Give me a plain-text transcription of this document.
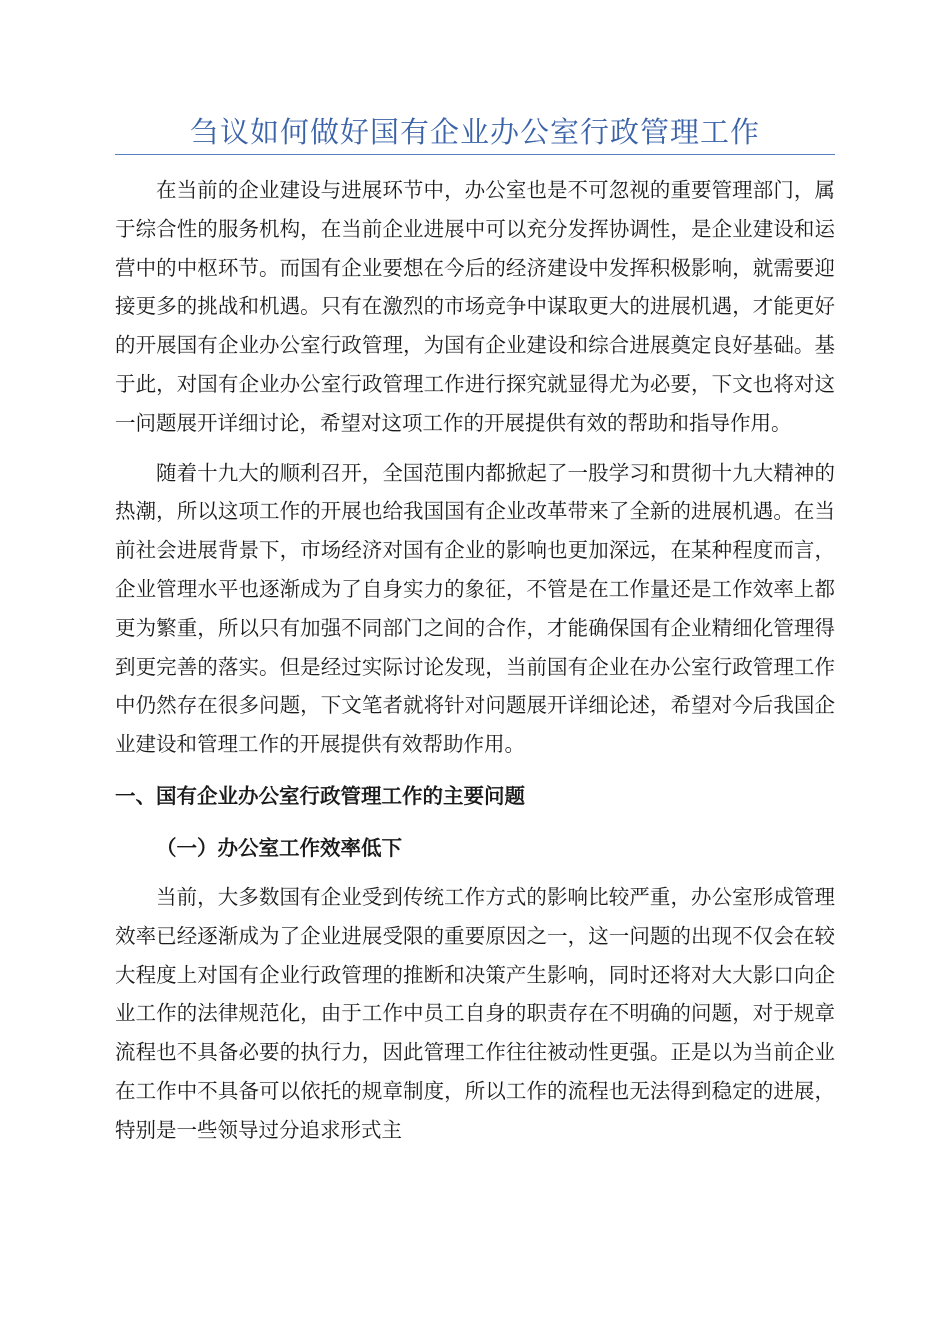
刍议如何做好国有企业办公室行政管理工作

在当前的企业建设与进展环节中，办公室也是不可忽视的重要管理部门，属于综合性的服务机构，在当前企业进展中可以充分发挥协调性，是企业建设和运营中的中枢环节。而国有企业要想在今后的经济建设中发挥积极影响，就需要迎接更多的挑战和机遇。只有在激烈的市场竞争中谋取更大的进展机遇，才能更好的开展国有企业办公室行政管理，为国有企业建设和综合进展奠定良好基础。基于此，对国有企业办公室行政管理工作进行探究就显得尤为必要，下文也将对这一问题展开详细讨论，希望对这项工作的开展提供有效的帮助和指导作用。

随着十九大的顺利召开，全国范围内都掀起了一股学习和贯彻十九大精神的热潮，所以这项工作的开展也给我国国有企业改革带来了全新的进展机遇。在当前社会进展背景下，市场经济对国有企业的影响也更加深远，在某种程度而言，企业管理水平也逐渐成为了自身实力的象征，不管是在工作量还是工作效率上都更为繁重，所以只有加强不同部门之间的合作，才能确保国有企业精细化管理得到更完善的落实。但是经过实际讨论发现，当前国有企业在办公室行政管理工作中仍然存在很多问题，下文笔者就将针对问题展开详细论述，希望对今后我国企业建设和管理工作的开展提供有效帮助作用。

一、国有企业办公室行政管理工作的主要问题
（一）办公室工作效率低下

当前，大多数国有企业受到传统工作方式的影响比较严重，办公室形成管理效率已经逐渐成为了企业进展受限的重要原因之一，这一问题的出现不仅会在较大程度上对国有企业行政管理的推断和决策产生影响，同时还将对大大影口向企业工作的法律规范化，由于工作中员工自身的职责存在不明确的问题，对于规章流程也不具备必要的执行力，因此管理工作往往被动性更强。正是以为当前企业在工作中不具备可以依托的规章制度，所以工作的流程也无法得到稳定的进展，特别是一些领导过分追求形式主
